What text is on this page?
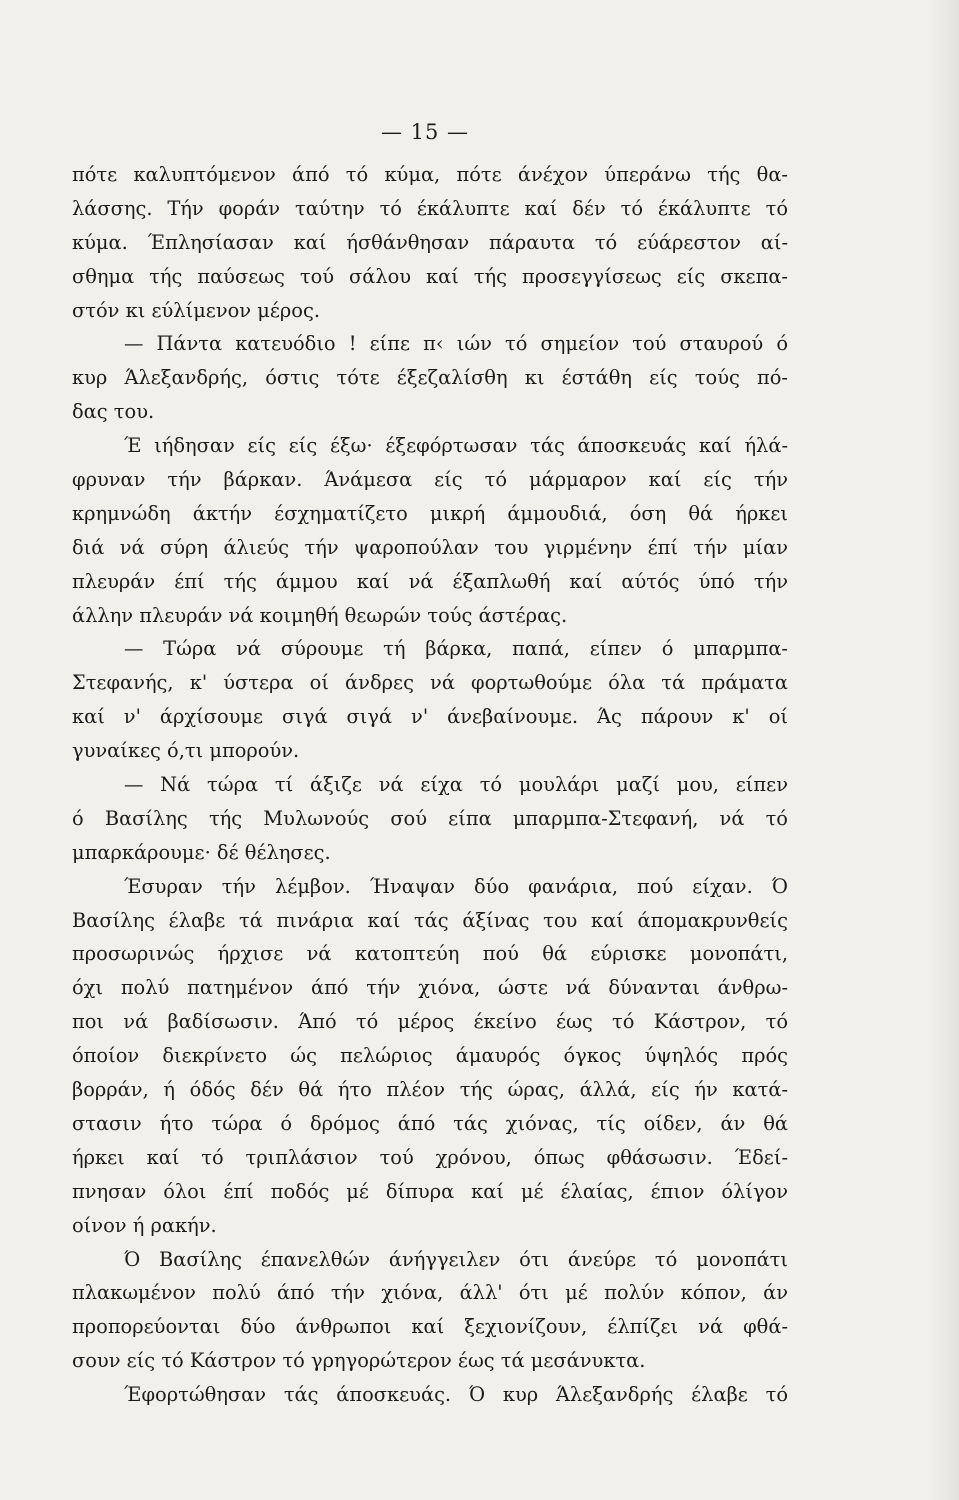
— 15 —
πότε καλυπτόμενον άπό τό κύμα, πότε άνέχον ύπεράνω τής θα-
λάσσης. Τήν φοράν ταύτην τό έκάλυπτε καί δέν τό έκάλυπτε τό
κύμα. Έπλησίασαν καί ήσθάνθησαν πάραυτα τό εύάρεστον αί-
σθημα τής παύσεως τού σάλου καί τής προσεγγίσεως είς σκεπα-
στόν κι εύλίμενον μέρος.
— Πάντα κατευόδιο ! είπε π‹ ιών τό σημείον τού σταυρού ό
κυρ Άλεξανδρής, όστις τότε έξεζαλίσθη κι έστάθη είς τούς πό-
δας του.
Έ ιήδησαν είς είς έξω· έξεφόρτωσαν τάς άποσκευάς καί ήλά-
φρυναν τήν βάρκαν. Άνάμεσα είς τό μάρμαρον καί είς τήν
κρημνώδη άκτήν έσχηματίζετο μικρή άμμουδιά, όση θά ήρκει
διά νά σύρη άλιεύς τήν ψαροπούλαν του γιρμένην έπί τήν μίαν
πλευράν έπί τής άμμου καί νά έξαπλωθή καί αύτός ύπό τήν
άλλην πλευράν νά κοιμηθή θεωρών τούς άστέρας.
— Τώρα νά σύρουμε τή βάρκα, παπά, είπεν ό μπαρμπα-
Στεφανής, κ' ύστερα οί άνδρες νά φορτωθούμε όλα τά πράματα
καί ν' άρχίσουμε σιγά σιγά ν' άνεβαίνουμε. Άς πάρουν κ' οί
γυναίκες ό,τι μπορούν.
— Νά τώρα τί άξιζε νά είχα τό μουλάρι μαζί μου, είπεν
ό Βασίλης τής Μυλωνούς σού είπα μπαρμπα-Στεφανή, νά τό
μπαρκάρουμε· δέ θέλησες.
Έσυραν τήν λέμβον. Ήναψαν δύο φανάρια, πού είχαν. Ό
Βασίλης έλαβε τά πινάρια καί τάς άξίνας του καί άπομακρυνθείς
προσωρινώς ήρχισε νά κατοπτεύη πού θά εύρισκε μονοπάτι,
όχι πολύ πατημένον άπό τήν χιόνα, ώστε νά δύνανται άνθρω-
ποι νά βαδίσωσιν. Άπό τό μέρος έκείνο έως τό Κάστρον, τό
όποίον διεκρίνετο ώς πελώριος άμαυρός όγκος ύψηλός πρός
βορράν, ή όδός δέν θά ήτο πλέον τής ώρας, άλλά, είς ήν κατά-
στασιν ήτο τώρα ό δρόμος άπό τάς χιόνας, τίς οίδεν, άν θά
ήρκει καί τό τριπλάσιον τού χρόνου, όπως φθάσωσιν. Έδεί-
πνησαν όλοι έπί ποδός μέ δίπυρα καί μέ έλαίας, έπιον όλίγον
οίνον ή ρακήν.
Ό Βασίλης έπανελθών άνήγγειλεν ότι άνεύρε τό μονοπάτι
πλακωμένον πολύ άπό τήν χιόνα, άλλ' ότι μέ πολύν κόπον, άν
προπορεύονται δύο άνθρωποι καί ξεχιονίζουν, έλπίζει νά φθά-
σουν είς τό Κάστρον τό γρηγορώτερον έως τά μεσάνυκτα.
Έφορτώθησαν τάς άποσκευάς. Ό κυρ Άλεξανδρής έλαβε τό
